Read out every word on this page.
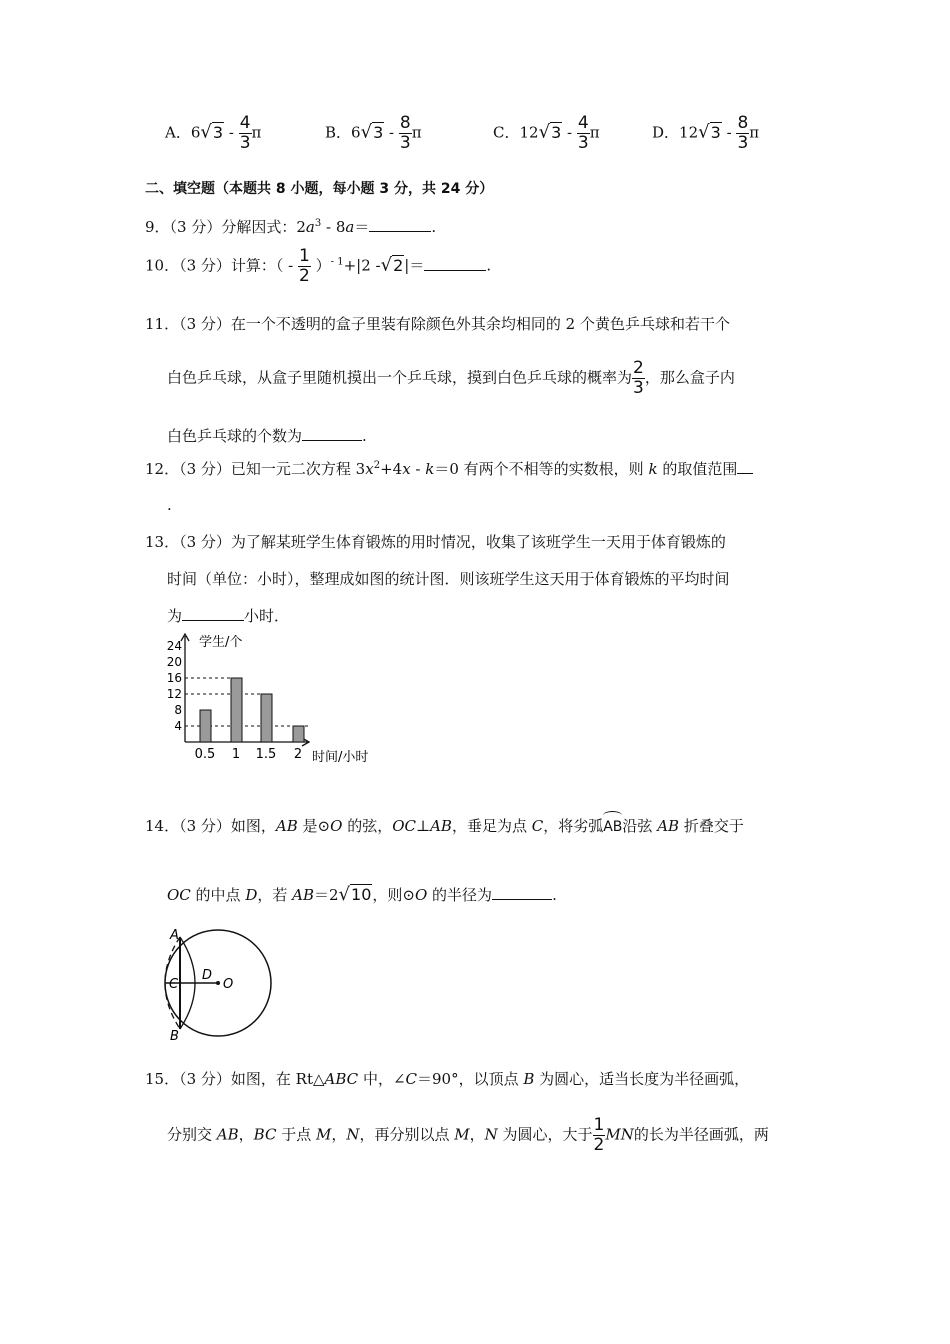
A．$6√3 - \frac{4}{3}$ π	B．$6√3 - \frac{8}{3}$ π	C．$12√3 - \frac{4}{3}$ π	D．$12√3 - \frac{8}{3}$ π
二、填空题（本题共 8 小题，每小题 3 分，共 24 分）
9．（3 分）分解因式：$2a^3 - 8a=$	.
10．（3 分）计算：（ - $\frac{1}{2} )^{- 1}+|2$ -√2|＝	.
11．（3 分）在一个不透明的盒子里装有除颜色外其余均相同的 2 个黄色乒乓球和若干个
白色乒乓球，从盒子里随机摸出一个乒乓球，摸到白色乒乓球的概率为 $\frac{2}{3}$ ，那么盒子内
白色乒乓球的个数为	.
12．（3 分）已知一元二次方程 $3x^2+4x - k=0$ 有两个不相等的实数根，则 k 的取值范围
.
13．（3 分）为了解某班学生体育锻炼的用时情况，收集了该班学生一天用于体育锻炼的
时间（单位：小时），整理成如图的统计图．则该班学生这天用于体育锻炼的平均时间
为	小时．
学生/个
24
20
16
12
8
4
0.5 1 1.5 2 时间/小时
14．（3 分）如图，AB 是⊙O 的弦，OC⊥AB，垂足为点 C，将劣弧
AB沿弦 AB 折叠交于
OC 的中点 D，若 AB＝2√10，则⊙O 的半径为	.
A
B
C
D
O
15．（3 分）如图，在 Rt△ABC 中，∠C＝90°，以顶点 B 为圆心，适当长度为半径画弧，
分别交 AB，BC 于点 M，N，再分别以点 M，N 为圆心，大于 $\frac{1}{2}$ MN的长为半径画弧，两
